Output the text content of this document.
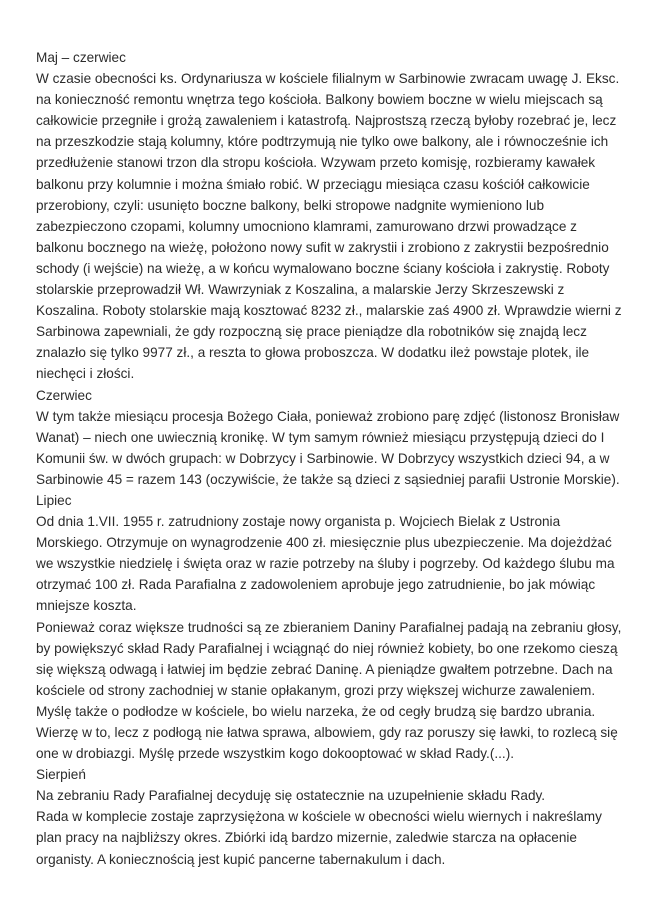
Maj – czerwiec

W czasie obecności ks. Ordynariusza w kościele filialnym w Sarbinowie zwracam uwagę J. Eksc. na konieczność remontu wnętrza tego kościoła. Balkony bowiem boczne w wielu miejscach są całkowicie przegniłe i grożą zawaleniem i katastrofą. Najprostszą rzeczą byłoby rozebrać je, lecz na przeszkodzie stają kolumny, które podtrzymują nie tylko owe balkony, ale i równocześnie ich przedłużenie stanowi trzon dla stropu kościoła. Wzywam przeto komisję, rozbieramy kawałek balkonu przy kolumnie i można śmiało robić. W przeciągu miesiąca czasu kościół całkowicie przerobiony, czyli: usunięto boczne balkony, belki stropowe nadgnite wymieniono lub zabezpieczono czopami, kolumny umocniono klamrami, zamurowano drzwi prowadzące z balkonu bocznego na wieżę, położono nowy sufit w zakrystii i zrobiono z zakrystii bezpośrednio schody (i wejście) na wieżę, a w końcu wymalowano boczne ściany kościoła i zakrystię. Roboty stolarskie przeprowadził Wł. Wawrzyniak z Koszalina, a malarskie Jerzy Skrzeszewski z Koszalina. Roboty stolarskie mają kosztować 8232 zł., malarskie zaś 4900 zł. Wprawdzie wierni z Sarbinowa zapewniali, że gdy rozpoczną się prace pieniądze dla robotników się znajdą lecz znalazło się tylko 9977 zł., a reszta to głowa proboszcza. W dodatku ileż powstaje plotek, ile niechęci i złości.

Czerwiec

W tym także miesiącu procesja Bożego Ciała, ponieważ zrobiono parę zdjęć (listonosz Bronisław Wanat) – niech one uwiecznią kronikę. W tym samym również miesiącu przystępują dzieci do I Komunii św. w dwóch grupach: w Dobrzycy i Sarbinowie. W Dobrzycy wszystkich dzieci 94, a w Sarbinowie 45 = razem 143 (oczywiście, że także są dzieci z sąsiedniej parafii Ustronie Morskie).

Lipiec

Od dnia 1.VII. 1955 r. zatrudniony zostaje nowy organista p. Wojciech Bielak z Ustronia Morskiego. Otrzymuje on wynagrodzenie 400 zł. miesięcznie plus ubezpieczenie. Ma dojeżdżać we wszystkie niedzielę i święta oraz w razie potrzeby na śluby i pogrzeby. Od każdego ślubu ma otrzymać 100 zł. Rada Parafialna z zadowoleniem aprobuje jego zatrudnienie, bo jak mówiąc mniejsze koszta.

Ponieważ coraz większe trudności są ze zbieraniem Daniny Parafialnej padają na zebraniu głosy, by powiększyć skład Rady Parafialnej i wciągnąć do niej również kobiety, bo one rzekomo cieszą się większą odwagą i łatwiej im będzie zebrać Daninę. A pieniądze gwałtem potrzebne. Dach na kościele od strony zachodniej w stanie opłakanym, grozi przy większej wichurze zawaleniem. Myślę także o podłodze w kościele, bo wielu narzeka, że od cegły brudzą się bardzo ubrania. Wierzę w to, lecz z podłogą nie łatwa sprawa, albowiem, gdy raz poruszy się ławki, to rozlecą się one w drobiazgi. Myślę przede wszystkim kogo dokooptować w skład Rady.(...).

Sierpień

Na zebraniu Rady Parafialnej decyduję się ostatecznie na uzupełnienie składu Rady.

Rada w komplecie zostaje zaprzysiężona w kościele w obecności wielu wiernych i nakreślamy plan pracy na najbliższy okres. Zbiórki idą bardzo mizernie, zaledwie starcza na opłacenie organisty. A koniecznością jest kupić pancerne tabernakulum i dach.
